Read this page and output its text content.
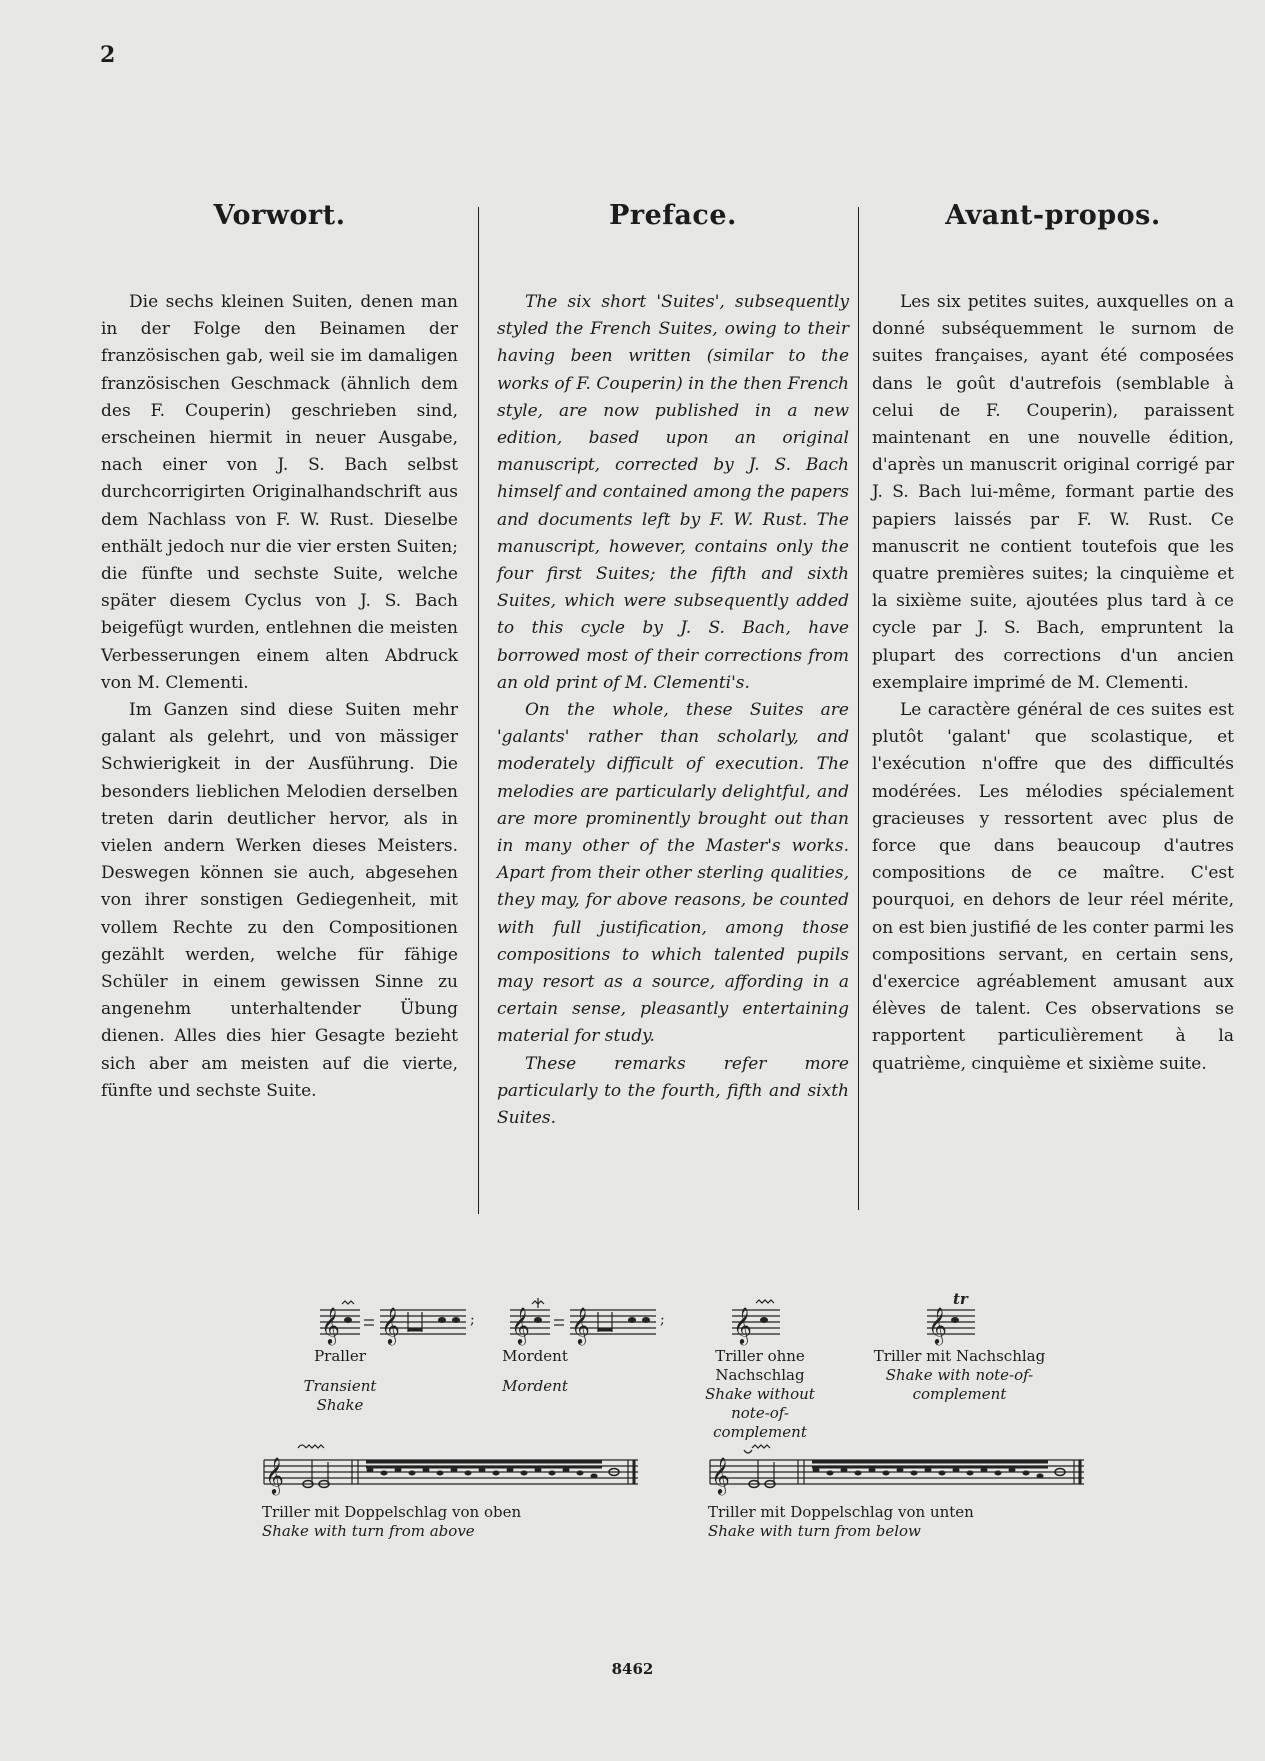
2
Vorwort.

Die sechs kleinen Suiten, denen man in der Folge den Beinamen der französischen gab, weil sie im damaligen französischen Geschmack (ähnlich dem des F. Couperin) geschrieben sind, erscheinen hiermit in neuer Ausgabe, nach einer von J. S. Bach selbst durchcorrigirten Originalhandschrift aus dem Nachlass von F. W. Rust. Dieselbe enthält jedoch nur die vier ersten Suiten; die fünfte und sechste Suite, welche später diesem Cyclus von J. S. Bach beigefügt wurden, entlehnen die meisten Verbesserungen einem alten Abdruck von M. Clementi.

Im Ganzen sind diese Suiten mehr galant als gelehrt, und von mässiger Schwierigkeit in der Ausführung. Die besonders lieblichen Melodien derselben treten darin deutlicher hervor, als in vielen andern Werken dieses Meisters. Deswegen können sie auch, abgesehen von ihrer sonstigen Gediegenheit, mit vollem Rechte zu den Compositionen gezählt werden, welche für fähige Schüler in einem gewissen Sinne zu angenehm unterhaltender Übung dienen. Alles dies hier Gesagte bezieht sich aber am meisten auf die vierte, fünfte und sechste Suite.

Preface.

The six short 'Suites', subsequently styled the French Suites, owing to their having been written (similar to the works of F. Couperin) in the then French style, are now published in a new edition, based upon an original manuscript, corrected by J. S. Bach himself and contained among the papers and documents left by F. W. Rust. The manuscript, however, contains only the four first Suites; the fifth and sixth Suites, which were subsequently added to this cycle by J. S. Bach, have borrowed most of their corrections from an old print of M. Clementi's.

On the whole, these Suites are 'galants' rather than scholarly, and moderately difficult of execution. The melodies are particularly delightful, and are more prominently brought out than in many other of the Master's works. Apart from their other sterling qualities, they may, for above reasons, be counted with full justification, among those compositions to which talented pupils may resort as a source, affording in a certain sense, pleasantly entertaining material for study.

These remarks refer more particularly to the fourth, fifth and sixth Suites.

Avant-propos.

Les six petites suites, auxquelles on a donné subséquemment le surnom de suites françaises, ayant été composées dans le goût d'autrefois (semblable à celui de F. Couperin), paraissent maintenant en une nouvelle édition, d'après un manuscrit original corrigé par J. S. Bach lui-même, formant partie des papiers laissés par F. W. Rust. Ce manuscrit ne contient toutefois que les quatre premières suites; la cinquième et la sixième suite, ajoutées plus tard à ce cycle par J. S. Bach, empruntent la plupart des corrections d'un ancien exemplaire imprimé de M. Clementi.

Le caractère général de ces suites est plutôt 'galant' que scolastique, et l'exécution n'offre que des difficultés modérées. Les mélodies spécialement gracieuses y ressortent avec plus de force que dans beaucoup d'autres compositions de ce maître. C'est pourquoi, en dehors de leur réel mérite, on est bien justifié de les conter parmi les compositions servant, en certain sens, d'exercice agréablement amusant aux élèves de talent. Ces observations se rapportent particulièrement à la quatrième, cinquième et sixième suite.

𝄞 𝄞	; 𝄞 𝄞	; 𝄞	𝄞
tr
Praller
Transient Shake
Mordent
Mordent
Triller ohne Nachschlag
Shake without note-of-complement
Triller mit Nachschlag
Shake with note-of-complement
𝄞	𝄞
Triller mit Doppelschlag von oben
Shake with turn from above
Triller mit Doppelschlag von unten
Shake with turn from below
8462
